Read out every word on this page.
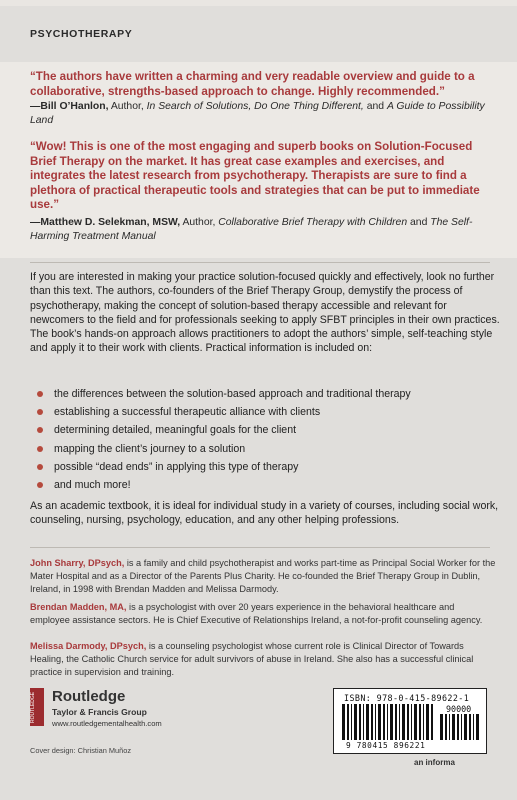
PSYCHOTHERAPY
“The authors have written a charming and very readable overview and guide to a collaborative, strengths-based approach to change. Highly recommended.”
—Bill O’Hanlon, Author, In Search of Solutions, Do One Thing Different, and A Guide to Possibility Land
“Wow! This is one of the most engaging and superb books on Solution-Focused Brief Therapy on the market. It has great case examples and exercises, and integrates the latest research from psychotherapy. Therapists are sure to find a plethora of practical therapeutic tools and strategies that can be put to immediate use.”
—Matthew D. Selekman, MSW, Author, Collaborative Brief Therapy with Children and The Self-Harming Treatment Manual
If you are interested in making your practice solution-focused quickly and effectively, look no further than this text. The authors, co-founders of the Brief Therapy Group, demystify the process of psychotherapy, making the concept of solution-based therapy accessible and relevant for newcomers to the field and for professionals seeking to apply SFBT principles in their own practices. The book’s hands-on approach allows practitioners to adopt the authors’ simple, self-teaching style and apply it to their work with clients. Practical information is included on:
the differences between the solution-based approach and traditional therapy
establishing a successful therapeutic alliance with clients
determining detailed, meaningful goals for the client
mapping the client’s journey to a solution
possible “dead ends” in applying this type of therapy
and much more!
As an academic textbook, it is ideal for individual study in a variety of courses, including social work, counseling, nursing, psychology, education, and any other helping professions.
John Sharry, DPsych, is a family and child psychotherapist and works part-time as Principal Social Worker for the Mater Hospital and as a Director of the Parents Plus Charity. He co-founded the Brief Therapy Group in Dublin, Ireland, in 1998 with Brendan Madden and Melissa Darmody.
Brendan Madden, MA, is a psychologist with over 20 years experience in the behavioral healthcare and employee assistance sectors. He is Chief Executive of Relationships Ireland, a not-for-profit counseling agency.
Melissa Darmody, DPsych, is a counseling psychologist whose current role is Clinical Director of Towards Healing, the Catholic Church service for adult survivors of abuse in Ireland. She also has a successful clinical practice in supervision and training.
ROUTLEDGE	Routledge
Taylor & Francis Group
www.routledgementalhealth.com
Cover design: Christian Muñoz
ISBN: 978-0-415-89622-1
90000
9 780415 896221
an informa
